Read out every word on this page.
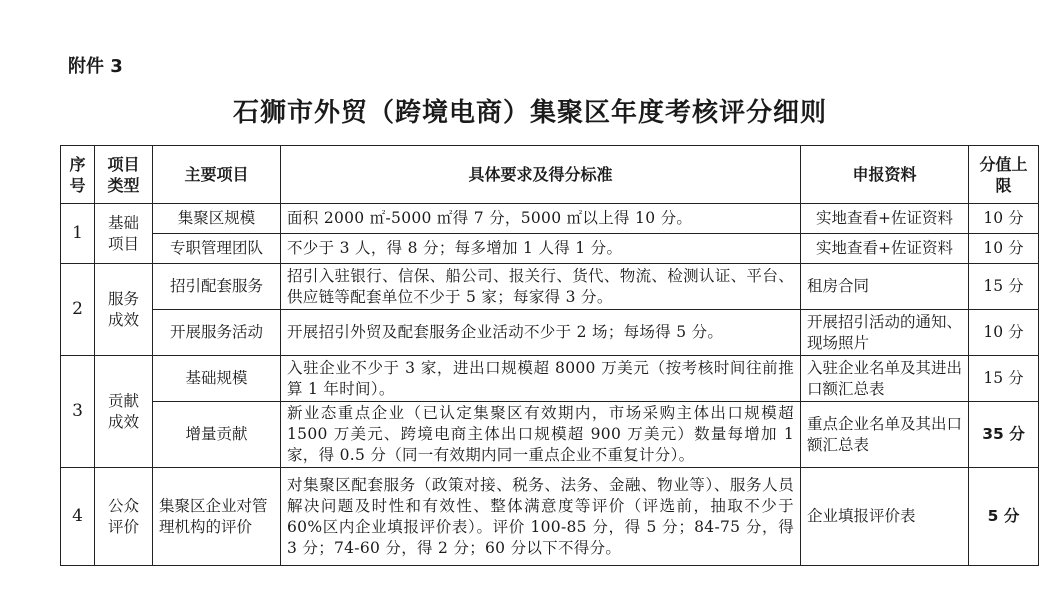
附件 3
石狮市外贸（跨境电商）集聚区年度考核评分细则
序号	项目类型	主要项目	具体要求及得分标准	申报资料	分值上限
1	基础项目	集聚区规模	面积 2000 ㎡-5000 ㎡得 7 分，5000 ㎡以上得 10 分。	实地查看+佐证资料	10 分
		专职管理团队	不少于 3 人，得 8 分；每多增加 1 人得 1 分。	实地查看+佐证资料	10 分
2	服务成效	招引配套服务	招引入驻银行、信保、船公司、报关行、货代、物流、检测认证、平台、供应链等配套单位不少于 5 家；每家得 3 分。	租房合同	15 分
		开展服务活动	开展招引外贸及配套服务企业活动不少于 2 场；每场得 5 分。	开展招引活动的通知、现场照片	10 分
3	贡献成效	基础规模	入驻企业不少于 3 家，进出口规模超 8000 万美元（按考核时间往前推算 1 年时间）。	入驻企业名单及其进出口额汇总表	15 分
		增量贡献	新业态重点企业（已认定集聚区有效期内，市场采购主体出口规模超 1500 万美元、跨境电商主体出口规模超 900 万美元）数量每增加 1 家，得 0.5 分（同一有效期内同一重点企业不重复计分）。	重点企业名单及其出口额汇总表	35 分
4	公众评价	集聚区企业对管理机构的评价	对集聚区配套服务（政策对接、税务、法务、金融、物业等）、服务人员解决问题及时性和有效性、整体满意度等评价（评选前，抽取不少于 60%区内企业填报评价表）。评价 100-85 分，得 5 分；84-75 分，得 3 分；74-60 分，得 2 分；60 分以下不得分。	企业填报评价表	5 分
